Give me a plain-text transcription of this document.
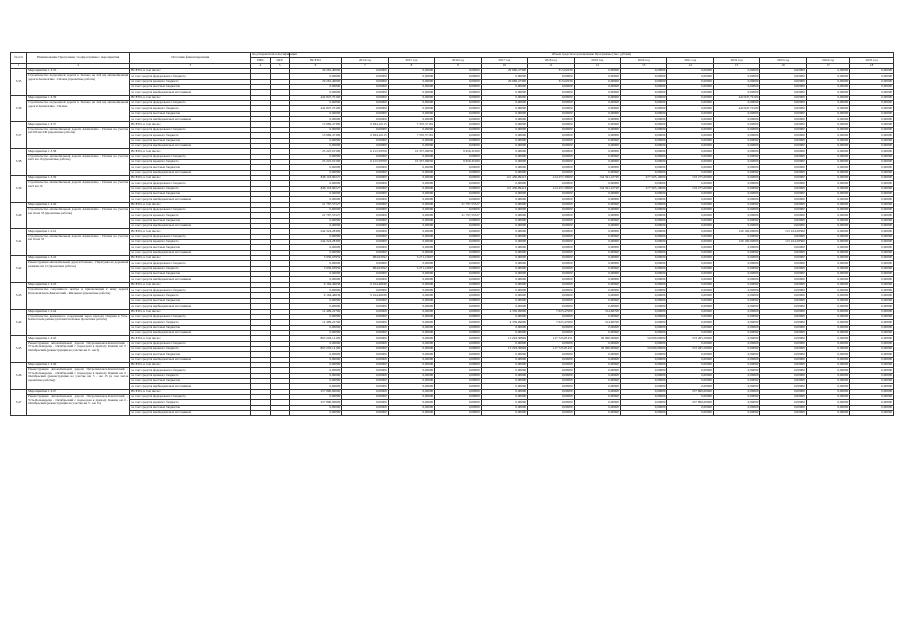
№ п/п	Наименование Программы / подпрограммы / мероприятия	Источник финансирования	Код бюджетной классификации		Объем средств на реализацию Программы (тыс. рублей)												
			ГРБС	ЦСР	ВСЕГО	2014 год	2015 год	2016 год	2017 год	2018 год	2019 год	2020 год	2021 год	2022 год	2023 год	2024 год	2025 год
1	2	3	4	5	6	7	8	9	10	11	12	13	14	15	16	17	18
3.35	Мероприятие 1.3.35	ВСЕГО, в том числе:			29 281,40000	0,00000	0,00000	0,00000	29 966,47390	315,02030	0,00000	0,00000	0,00000	0,00000	0,00000	0,00000	0,00000
	Строительство подъездной дороги к Тылово на 224 км автомобильной дороги Апапелгино - Палана (проектные работы)	за счет средств федерального бюджета			0,00000	0,00000	0,00000	0,00000	0,00000	0,00000	0,00000	0,00000	0,00000	0,00000	0,00000	0,00000	0,00000
		за счет средств краевого бюджета			29 281,40000	0,00000	0,00000	0,00000	29 966,47390	315,02030	0,00000	0,00000	0,00000	0,00000	0,00000	0,00000	0,00000
		за счет средств местных бюджетов			0,00000	0,00000	0,00000	0,00000	0,00000	0,00000	0,00000	0,00000	0,00000	0,00000	0,00000	0,00000	0,00000
		за счет средств внебюджетных источников			0,00000	0,00000	0,00000	0,00000	0,00000	0,00000	0,00000	0,00000	0,00000	0,00000	0,00000	0,00000	0,00000
3.36	Мероприятие 1.3.36	ВСЕГО, в том числе:			442 847,70100	0,00000	0,00000	0,00000	0,00000	0,00000	0,00000	0,00000	0,00000	442 847,70100	0,00000	0,00000	0,00000
	Строительство подъездной дороги к Тылово на 224 км автомобильной дороги Апапелгино - Палана	за счет средств федерального бюджета			0,00000	0,00000	0,00000	0,00000	0,00000	0,00000	0,00000	0,00000	0,00000	0,00000	0,00000	0,00000	0,00000
		за счет средств краевого бюджета			442 847,70100	0,00000	0,00000	0,00000	0,00000	0,00000	0,00000	0,00000	0,00000	442 847,70100	0,00000	0,00000	0,00000
		за счет средств местных бюджетов			0,00000	0,00000	0,00000	0,00000	0,00000	0,00000	0,00000	0,00000	0,00000	0,00000	0,00000	0,00000	0,00000
		за счет средств внебюджетных источников			0,00000	0,00000	0,00000	0,00000	0,00000	0,00000	0,00000	0,00000	0,00000	0,00000	0,00000	0,00000	0,00000
3.37	Мероприятие 1.3.37	ВСЕГО, в том числе:			13 969,47390	6 634,10115	7 335,37181	0,00000	0,00000	0,00000	0,00000	0,00000	0,00000	0,00000	0,00000	0,00000	0,00000
	Строительство автомобильной дороги Апапелгино - Палана на участке км 200 км 240 (проектные работы)	за счет средств федерального бюджета			0,00000	0,00000	0,00000	0,00000	0,00000	0,00000	0,00000	0,00000	0,00000	0,00000	0,00000	0,00000	0,00000
		за счет средств краевого бюджета			13 969,47390	6 634,10115	7 335,37181	0,00000	0,00000	0,00000	0,00000	0,00000	0,00000	0,00000	0,00000	0,00000	0,00000
		за счет средств местных бюджетов			0,00000	0,00000	0,00000	0,00000	0,00000	0,00000	0,00000	0,00000	0,00000	0,00000	0,00000	0,00000	0,00000
		за счет средств внебюджетных источников			0,00000	0,00000	0,00000	0,00000	0,00000	0,00000	0,00000	0,00000	0,00000	0,00000	0,00000	0,00000	0,00000
3.38	Мероприятие 1.3.38	ВСЕГО, в том числе:			25 225,91500	6 213,59700	10 357,06050	9 656,31000	0,00000	0,00000	0,00000	0,00000	0,00000	0,00000	0,00000	0,00000	0,00000
	Строительство автомобильной дороги Апапелгино - Палана на участке км 0 км 16 (проектные работы)	за счет средств федерального бюджета			0,00000	0,00000	0,00000	0,00000	0,00000	0,00000	0,00000	0,00000	0,00000	0,00000	0,00000	0,00000	0,00000
		за счет средств краевого бюджета			25 225,91500	6 213,59700	10 357,06050	9 656,31000	0,00000	0,00000	0,00000	0,00000	0,00000	0,00000	0,00000	0,00000	0,00000
		за счет средств местных бюджетов			0,00000	0,00000	0,00000	0,00000	0,00000	0,00000	0,00000	0,00000	0,00000	0,00000	0,00000	0,00000	0,00000
		за счет средств внебюджетных источников			0,00000	0,00000	0,00000	0,00000	0,00000	0,00000	0,00000	0,00000	0,00000	0,00000	0,00000	0,00000	0,00000
3.39	Мероприятие 1.3.39	ВСЕГО, в том числе:			848 118,90227	0,00000	0,00000	0,00000	121 436,99413	214 257,30000	134 591,10795	277 503,10000	133 275,00000	0,00000	0,00000	0,00000	0,00000
	Строительство автомобильной дороги Апапелгино - Палана на участке км 0 км 16	за счет средств федерального бюджета			0,00000	0,00000	0,00000	0,00000	0,00000	0,00000	0,00000	0,00000	0,00000	0,00000	0,00000	0,00000	0,00000
		за счет средств краевого бюджета			848 118,90227	0,00000	0,00000	0,00000	121 436,99413	214 257,30000	134 591,10795	277 503,10000	133 275,00000	0,00000	0,00000	0,00000	0,00000
		за счет средств местных бюджетов			0,00000	0,00000	0,00000	0,00000	0,00000	0,00000	0,00000	0,00000	0,00000	0,00000	0,00000	0,00000	0,00000
		за счет средств внебюджетных источников			0,00000	0,00000	0,00000	0,00000	0,00000	0,00000	0,00000	0,00000	0,00000	0,00000	0,00000	0,00000	0,00000
3.40	Мероприятие 1.3.40	ВСЕГО, в том числе:			21 797,55527	0,00000	0,00000	21 797,55527	0,00000	0,00000	0,00000	0,00000	0,00000	0,00000	0,00000	0,00000	0,00000
	Строительство автомобильной дороги Апапелгино - Палана на участке км 16 км 33 (проектные работы)	за счет средств федерального бюджета			0,00000	0,00000	0,00000	0,00000	0,00000	0,00000	0,00000	0,00000	0,00000	0,00000	0,00000	0,00000	0,00000
		за счет средств краевого бюджета			21 797,55527	0,00000	0,00000	21 797,55527	0,00000	0,00000	0,00000	0,00000	0,00000	0,00000	0,00000	0,00000	0,00000
		за счет средств местных бюджетов			0,00000	0,00000	0,00000	0,00000	0,00000	0,00000	0,00000	0,00000	0,00000	0,00000	0,00000	0,00000	0,00000
		за счет средств внебюджетных источников			0,00000	0,00000	0,00000	0,00000	0,00000	0,00000	0,00000	0,00000	0,00000	0,00000	0,00000	0,00000	0,00000
3.41	Мероприятие 1.3.41	ВСЕГО, в том числе:			244 324,28300	0,00000	0,00000	0,00000	0,00000	0,00000	0,00000	0,00000	0,00000	129 100,00000	115 224,28300	0,00000	0,00000
	Строительство автомобильной дороги Апапелгино - Палана на участке км 16 км 33	за счет средств федерального бюджета			0,00000	0,00000	0,00000	0,00000	0,00000	0,00000	0,00000	0,00000	0,00000	0,00000	0,00000	0,00000	0,00000
		за счет средств краевого бюджета			244 324,28300	0,00000	0,00000	0,00000	0,00000	0,00000	0,00000	0,00000	0,00000	129 100,00000	115 224,28300	0,00000	0,00000
		за счет средств местных бюджетов			0,00000	0,00000	0,00000	0,00000	0,00000	0,00000	0,00000	0,00000	0,00000	0,00000	0,00000	0,00000	0,00000
		за счет средств внебюджетных источников			0,00000	0,00000	0,00000	0,00000	0,00000	0,00000	0,00000	0,00000	0,00000	0,00000	0,00000	0,00000	0,00000
3.42	Мероприятие 1.3.42	ВСЕГО, в том числе:			5 956,03959	684,93292	5 271,10667	0,00000	0,00000	0,00000	0,00000	0,00000	0,00000	0,00000	0,00000	0,00000	0,00000
	Реконструкция автомобильной дороги Елизово - Паратунка на дорожной развязке км 12 (проектные работы)	за счет средств федерального бюджета			0,00000	0,00000	0,00000	0,00000	0,00000	0,00000	0,00000	0,00000	0,00000	0,00000	0,00000	0,00000	0,00000
		за счет средств краевого бюджета			5 956,03959	684,93292	5 271,10667	0,00000	0,00000	0,00000	0,00000	0,00000	0,00000	0,00000	0,00000	0,00000	0,00000
		за счет средств местных бюджетов			0,00000	0,00000	0,00000	0,00000	0,00000	0,00000	0,00000	0,00000	0,00000	0,00000	0,00000	0,00000	0,00000
		за счет средств внебюджетных источников			0,00000	0,00000	0,00000	0,00000	0,00000	0,00000	0,00000	0,00000	0,00000	0,00000	0,00000	0,00000	0,00000
3.43	Мероприятие 1.3.43	ВСЕГО, в том числе:			9 164,46636	9 164,46636	0,00000	0,00000	0,00000	0,00000	0,00000	0,00000	0,00000	0,00000	0,00000	0,00000	0,00000
	Строительство спортивного центра и прилегающей к нему дороги Петропавловск-Камчатский - Мильково (проектные работы)	за счет средств федерального бюджета			0,00000	0,00000	0,00000	0,00000	0,00000	0,00000	0,00000	0,00000	0,00000	0,00000	0,00000	0,00000	0,00000
		за счет средств краевого бюджета			9 164,46636	9 164,46636	0,00000	0,00000	0,00000	0,00000	0,00000	0,00000	0,00000	0,00000	0,00000	0,00000	0,00000
		за счет средств местных бюджетов			0,00000	0,00000	0,00000	0,00000	0,00000	0,00000	0,00000	0,00000	0,00000	0,00000	0,00000	0,00000	0,00000
		за счет средств внебюджетных источников			0,00000	0,00000	0,00000	0,00000	0,00000	0,00000	0,00000	0,00000	0,00000	0,00000	0,00000	0,00000	0,00000
3.44	Мероприятие 1.3.44	ВСЕГО, в том числе:			12 499,22700	0,00000	0,00000	0,00000	4 359,09000	7 625,47000	514,66700	0,00000	0,00000	0,00000	0,00000	0,00000	0,00000
	Строительство временного сооружения через протоку Озерная в Усть-Камчатском районе (вспомогательные проектные работы)	за счет средств федерального бюджета			0,00000	0,00000	0,00000	0,00000	0,00000	0,00000	0,00000	0,00000	0,00000	0,00000	0,00000	0,00000	0,00000
		за счет средств краевого бюджета			12 499,22700	0,00000	0,00000	0,00000	4 359,09000	7 625,47000	514,66700	0,00000	0,00000	0,00000	0,00000	0,00000	0,00000
		за счет средств местных бюджетов			0,00000	0,00000	0,00000	0,00000	0,00000	0,00000	0,00000	0,00000	0,00000	0,00000	0,00000	0,00000	0,00000
		за счет средств внебюджетных источников			0,00000	0,00000	0,00000	0,00000	0,00000	0,00000	0,00000	0,00000	0,00000	0,00000	0,00000	0,00000	0,00000
3.45	Мероприятие 1.3.45	ВСЕГО, в том числе:			803 203,14100	0,00000	0,00000	0,00000	13 203,30849	117 723,81451	50 000,00000	50 000,00000	572 265,56000	0,00000	0,00000	0,00000	0,00000
	Реконструкция автомобильной дороги Петропавловск-Камчатский - Усть-Большерецк - Октябрьский с подъездом к причалу Кавичи км 0 - Октябрьский (реконструкция на участке км 0 - км 3)	за счет средств федерального бюджета			0,00000	0,00000	0,00000	0,00000	0,00000	0,00000	0,00000	0,00000	0,00000	0,00000	0,00000	0,00000	0,00000
		за счет средств краевого бюджета			803 203,14100	0,00000	0,00000	0,00000	13 203,30849	117 723,81451	50 000,00000	50 000,00000	572 265,56000	0,00000	0,00000	0,00000	0,00000
		за счет средств местных бюджетов			0,00000	0,00000	0,00000	0,00000	0,00000	0,00000	0,00000	0,00000	0,00000	0,00000	0,00000	0,00000	0,00000
		за счет средств внебюджетных источников			0,00000	0,00000	0,00000	0,00000	0,00000	0,00000	0,00000	0,00000	0,00000	0,00000	0,00000	0,00000	0,00000
3.46	Мероприятие 1.3.46	ВСЕГО, в том числе:			0,00000	0,00000	0,00000	0,00000	0,00000	0,00000	0,00000	0,00000	0,00000	0,00000	0,00000	0,00000	0,00000
	Реконструкция автомобильной дороги Петропавловск-Камчатский - Усть-Большерецк - Октябрьский с подъездом к причалу Кавичи км 0 - Октябрьский (реконструкция на участке км 5 - км 15 (в том числе проектные работы))	за счет средств федерального бюджета			0,00000	0,00000	0,00000	0,00000	0,00000	0,00000	0,00000	0,00000	0,00000	0,00000	0,00000	0,00000	0,00000
		за счет средств краевого бюджета			0,00000	0,00000	0,00000	0,00000	0,00000	0,00000	0,00000	0,00000	0,00000	0,00000	0,00000	0,00000	0,00000
		за счет средств местных бюджетов			0,00000	0,00000	0,00000	0,00000	0,00000	0,00000	0,00000	0,00000	0,00000	0,00000	0,00000	0,00000	0,00000
		за счет средств внебюджетных источников			0,00000	0,00000	0,00000	0,00000	0,00000	0,00000	0,00000	0,00000	0,00000	0,00000	0,00000	0,00000	0,00000
3.47	Мероприятие 1.3.47	ВСЕГО, в том числе:			257 890,00000	0,00000	0,00000	0,00000	0,00000	0,00000	0,00000	0,00000	257 890,00000	0,00000	0,00000	0,00000	0,00000
	Реконструкция автомобильной дороги Петропавловск-Камчатский - Усть-Большерецк - Октябрьский с подъездом к причалу Кавичи км 0 - Октябрьский (реконструкция на участке км 5 - км 15)	за счет средств федерального бюджета			0,00000	0,00000	0,00000	0,00000	0,00000	0,00000	0,00000	0,00000	0,00000	0,00000	0,00000	0,00000	0,00000
		за счет средств краевого бюджета			257 890,00000	0,00000	0,00000	0,00000	0,00000	0,00000	0,00000	0,00000	257 890,00000	0,00000	0,00000	0,00000	0,00000
		за счет средств местных бюджетов			0,00000	0,00000	0,00000	0,00000	0,00000	0,00000	0,00000	0,00000	0,00000	0,00000	0,00000	0,00000	0,00000
		за счет средств внебюджетных источников			0,00000	0,00000	0,00000	0,00000	0,00000	0,00000	0,00000	0,00000	0,00000	0,00000	0,00000	0,00000	0,00000
